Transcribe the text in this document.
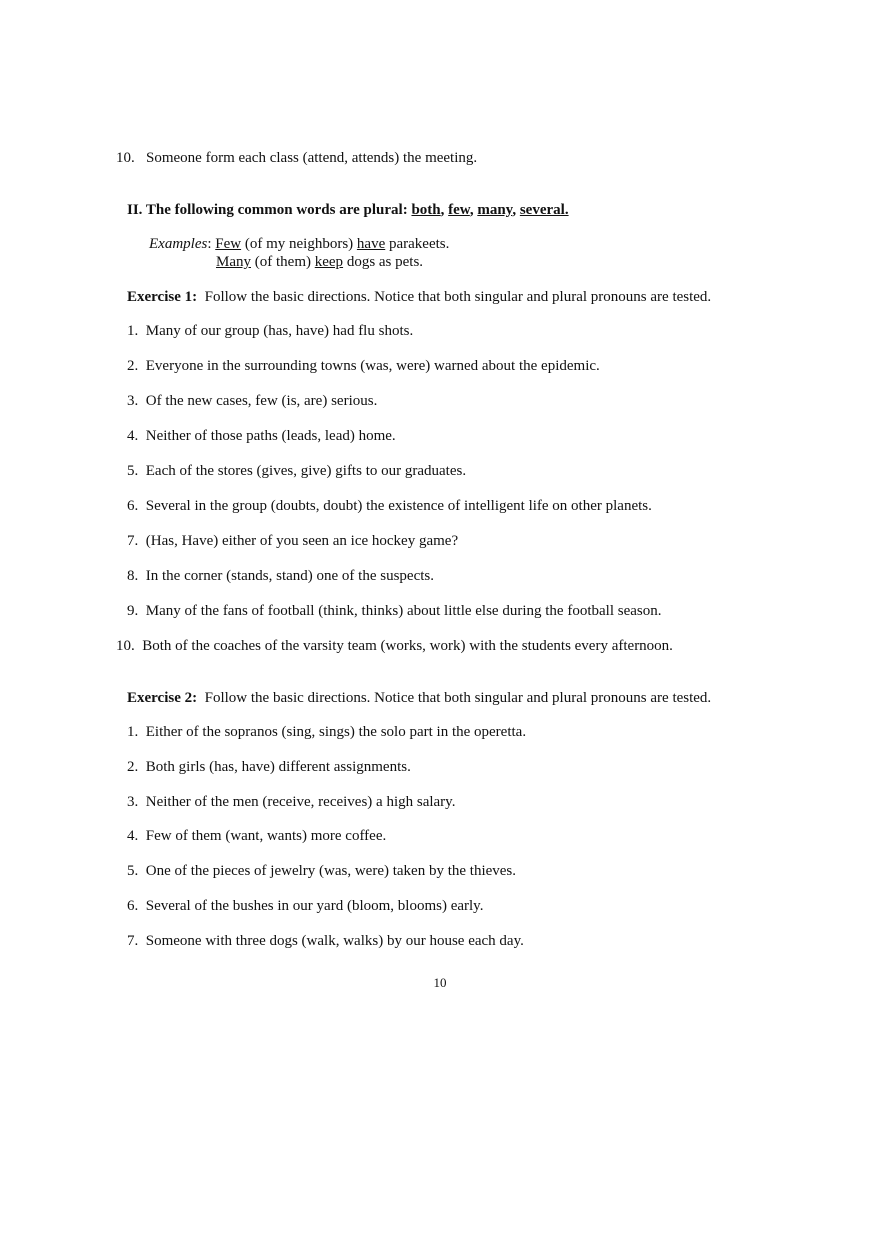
10. Someone form each class (attend, attends) the meeting.
II. The following common words are plural: both, few, many, several.
Examples: Few (of my neighbors) have parakeets.
Many (of them) keep dogs as pets.
Exercise 1: Follow the basic directions. Notice that both singular and plural pronouns are tested.
1. Many of our group (has, have) had flu shots.
2. Everyone in the surrounding towns (was, were) warned about the epidemic.
3. Of the new cases, few (is, are) serious.
4. Neither of those paths (leads, lead) home.
5. Each of the stores (gives, give) gifts to our graduates.
6. Several in the group (doubts, doubt) the existence of intelligent life on other planets.
7. (Has, Have) either of you seen an ice hockey game?
8. In the corner (stands, stand) one of the suspects.
9. Many of the fans of football (think, thinks) about little else during the football season.
10. Both of the coaches of the varsity team (works, work) with the students every afternoon.
Exercise 2: Follow the basic directions. Notice that both singular and plural pronouns are tested.
1. Either of the sopranos (sing, sings) the solo part in the operetta.
2. Both girls (has, have) different assignments.
3. Neither of the men (receive, receives) a high salary.
4. Few of them (want, wants) more coffee.
5. One of the pieces of jewelry (was, were) taken by the thieves.
6. Several of the bushes in our yard (bloom, blooms) early.
7. Someone with three dogs (walk, walks) by our house each day.
10
